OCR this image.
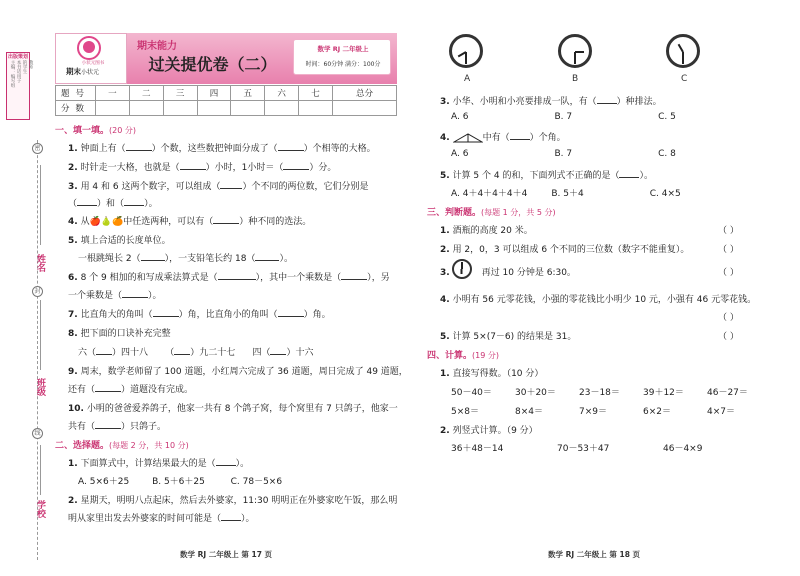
出版策划
主编：编写组 本书适用于 的学生 教师
密
封
线
姓名
班级
学校
小状元图书
期末小状元
期末能力
过关提优卷（二）
数学 RJ 二年级上
时间：60分钟 满分：100分
题号	一	二	三	四	五	六	七	总分
分数								
一、填一填。(20 分)
1. 钟面上有（	）个数，这些数把钟面分成了（	）个相等的大格。
2. 时针走一大格，也就是（	）小时，1小时＝（	）分。
3. 用 4 和 6 这两个数字，可以组成（ ）个不同的两位数，它们分别是
（ ）和（ ）。
4. 从🍎🍐🍊中任选两种，可以有（	）种不同的选法。
5. 填上合适的长度单位。
一根跳绳长 2（	），一支铅笔长约 18（	）。
6. 8 个 9 相加的和写成乘法算式是（	），其中一个乘数是（	），另
一个乘数是（	）。
7. 比直角大的角叫（	）角，比直角小的角叫（	）角。
8. 把下面的口诀补充完整
六（ ）四十八      （ ）九二十七 四（ ）十六
9. 周末，数学老师留了 100 道题，小红周六完成了 36 道题，周日完成了 49 道题，
还有（	）道题没有完成。
10. 小明的爸爸爱养鸽子，他家一共有 8 个鸽子窝，每个窝里有 7 只鸽子，他家一
共有（	）只鸽子。
二、选择题。(每题 2 分，共 10 分)
1. 下面算式中，计算结果最大的是（ ）。
A. 5×6＋25	B. 5＋6＋25	C. 78－5×6
2. 星期天，明明八点起床，然后去外婆家，11:30 明明正在外婆家吃午饭，那么明
明从家里出发去外婆家的时间可能是（ ）。
数学 RJ 二年级上 第 17 页
A	B	C
3. 小华、小明和小亮要排成一队，有（ ）种排法。
A. 6	B. 7	C. 5
4.	中有（ ）个角。
A. 6	B. 7	C. 8
5. 计算 5 个 4 的和，下面列式不正确的是（ ）。
A. 4＋4＋4＋4＋4	B. 5＋4	C. 4×5
三、判断题。(每题 1 分，共 5 分)
1. 酒瓶的高度 20 米。	（ ）
2. 用 2，0，3 可以组成 6 个不同的三位数（数字不能重复）。	（ ）
3.	再过 10 分钟是 6:30。	（ ）
4. 小明有 56 元零花钱，小强的零花钱比小明少 10 元，小强有 46 元零花钱。
（ ）
5. 计算 5×(7－6) 的结果是 31。	（ ）
四、计算。(19 分)
1. 直接写得数。（10 分）
50－40＝	30＋20＝	23－18＝	39＋12＝	46－27＝
5×8＝	8×4＝	7×9＝	6×2＝	4×7＝
2. 列竖式计算。（9 分）
36＋48－14	70－53＋47	46－4×9
数学 RJ 二年级上 第 18 页
